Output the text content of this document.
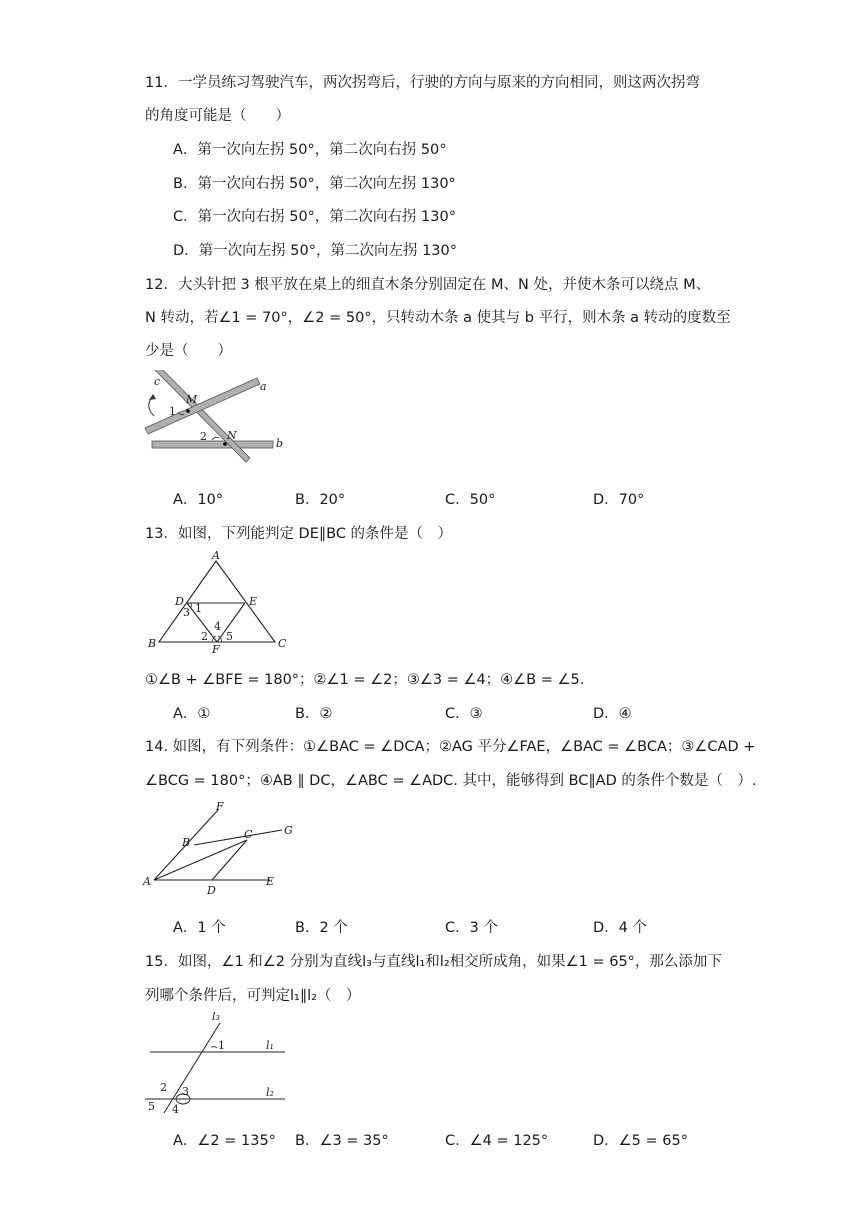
11．一学员练习驾驶汽车，两次拐弯后，行驶的方向与原来的方向相同，则这两次拐弯
的角度可能是（　　）
A．第一次向左拐 50°，第二次向右拐 50°
B．第一次向右拐 50°，第二次向左拐 130°
C．第一次向右拐 50°，第二次向右拐 130°
D．第一次向左拐 50°，第二次向左拐 130°
12．大头针把 3 根平放在桌上的细直木条分别固定在 M、N 处，并使木条可以绕点 M、
N 转动，若∠1 = 70°，∠2 = 50°，只转动木条 a 使其与 b 平行，则木条 a 转动的度数至
少是（　　）
c
M
a
1
2 N
b
A．10°	B．20°	C．50°	D．70°
13．如图，下列能判定 DE∥BC 的条件是（　）
A
D	E
1
3
4
2 5
B	F	C
①∠B + ∠BFE = 180°；②∠1 = ∠2；③∠3 = ∠4；④∠B = ∠5.
A．①	B．②	C．③	D．④
14. 如图，有下列条件：①∠BAC = ∠DCA；②AG 平分∠FAE，∠BAC = ∠BCA；③∠CAD +
∠BCG = 180°；④AB ∥ DC，∠ABC = ∠ADC. 其中，能够得到 BC∥AD 的条件个数是（　）.
F
B
C	G
A
D
E
A．1 个	B．2 个	C．3 个	D．4 个
15．如图，∠1 和∠2 分别为直线l₃与直线l₁和l₂相交所成角，如果∠1 = 65°，那么添加下
列哪个条件后，可判定l₁∥l₂（　）
l₃
1	l₁
2 3	l₂
5 4
A．∠2 = 135° B．∠3 = 35°	C．∠4 = 125°	D．∠5 = 65°
